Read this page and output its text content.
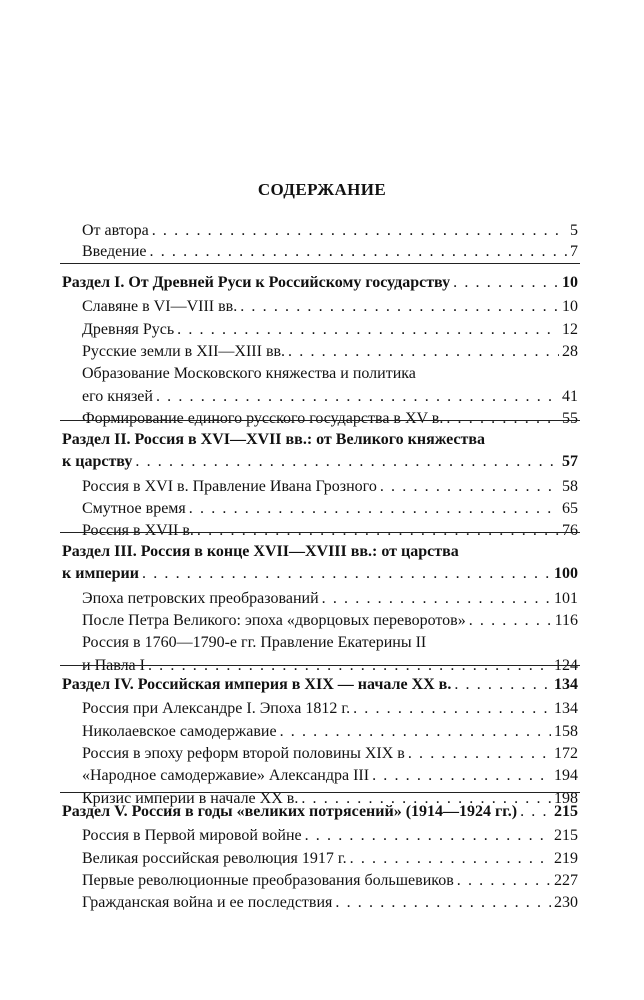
СОДЕРЖАНИЕ
От автора . . .	5
Введение . . .	7
Раздел I. От Древней Руси к Российскому государству . . .	10
Славяне в VI—VIII вв. . . .	10
Древняя Русь . . .	12
Русские земли в XII—XIII вв. . . .	28
Образование Московского княжества и политика
его князей . . .	41
Формирование единого русского государства в XV в. . . .	55
Раздел II. Россия в XVI—XVII вв.: от Великого княжества
к царству . . .	57
Россия в XVI в. Правление Ивана Грозного . . .	58
Смутное время . . .	65
Россия в XVII в. . . .	76
Раздел III. Россия в конце XVII—XVIII вв.: от царства
к империи . . .	100
Эпоха петровских преобразований . . .	101
После Петра Великого: эпоха «дворцовых переворотов» . . .	116
Россия в 1760—1790-е гг. Правление Екатерины II
и Павла I . . .	124
Раздел IV. Российская империя в XIX — начале XX в. . . .	134
Россия при Александре I. Эпоха 1812 г. . . .	134
Николаевское самодержавие . . .	158
Россия в эпоху реформ второй половины XIX в . . .	172
«Народное самодержавие» Александра III . . .	194
Кризис империи в начале XX в. . . .	198
Раздел V. Россия в годы «великих потрясений» (1914—1924 гг.) . . . 215
Россия в Первой мировой войне . . .	215
Великая российская революция 1917 г. . . .	219
Первые революционные преобразования большевиков . . .	227
Гражданская война и ее последствия . . .	230
